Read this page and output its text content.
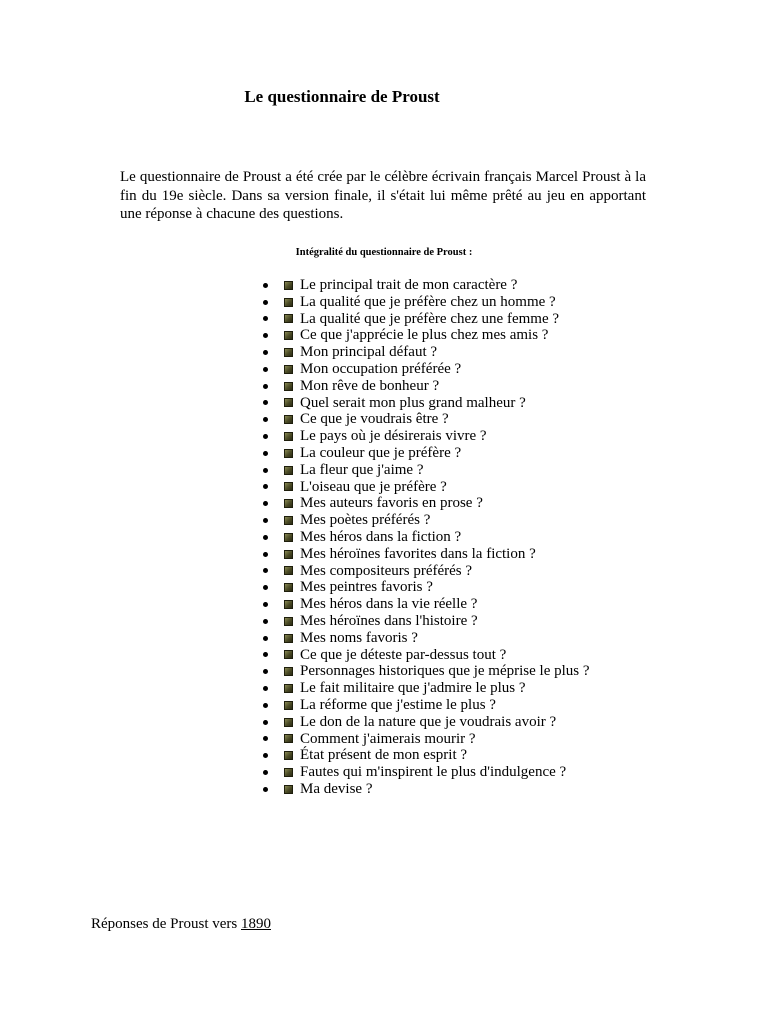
Le questionnaire de Proust

Le questionnaire de Proust a été crée par le célèbre écrivain français Marcel Proust à la fin du 19e siècle. Dans sa version finale, il s'était lui même prêté au jeu en apportant une réponse à chacune des questions.

Intégralité du questionnaire de Proust :
Le principal trait de mon caractère ?
La qualité que je préfère chez un homme ?
La qualité que je préfère chez une femme ?
Ce que j'apprécie le plus chez mes amis ?
Mon principal défaut ?
Mon occupation préférée ?
Mon rêve de bonheur ?
Quel serait mon plus grand malheur ?
Ce que je voudrais être ?
Le pays où je désirerais vivre ?
La couleur que je préfère ?
La fleur que j'aime ?
L'oiseau que je préfère ?
Mes auteurs favoris en prose ?
Mes poètes préférés ?
Mes héros dans la fiction ?
Mes héroïnes favorites dans la fiction ?
Mes compositeurs préférés ?
Mes peintres favoris ?
Mes héros dans la vie réelle ?
Mes héroïnes dans l'histoire ?
Mes noms favoris ?
Ce que je déteste par-dessus tout ?
Personnages historiques que je méprise le plus ?
Le fait militaire que j'admire le plus ?
La réforme que j'estime le plus ?
Le don de la nature que je voudrais avoir ?
Comment j'aimerais mourir ?
État présent de mon esprit ?
Fautes qui m'inspirent le plus d'indulgence ?
Ma devise ?
Réponses de Proust vers 1890
